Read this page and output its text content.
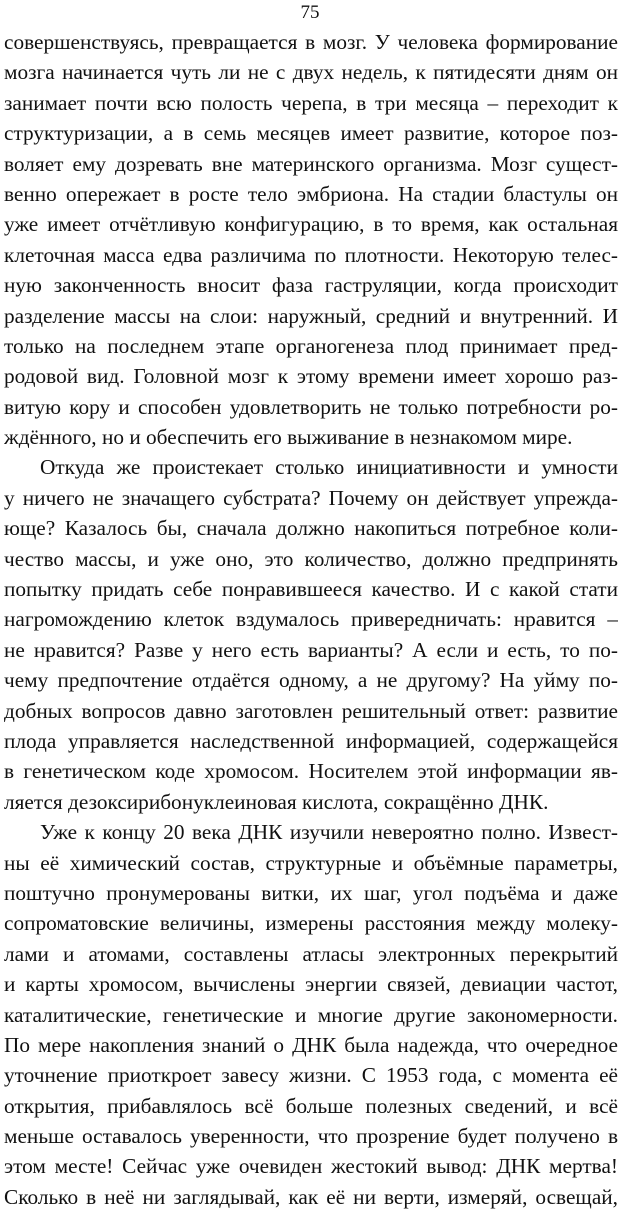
75
совершенствуясь, превращается в мозг. У человека формирование
мозга начинается чуть ли не с двух недель, к пятидесяти дням он
занимает почти всю полость черепа, в три месяца – переходит к
структуризации, а в семь месяцев имеет развитие, которое поз-
воляет ему дозревать вне материнского организма. Мозг сущест-
венно опережает в росте тело эмбриона. На стадии бластулы он
уже имеет отчётливую конфигурацию, в то время, как остальная
клеточная масса едва различима по плотности. Некоторую телес-
ную законченность вносит фаза гаструляции, когда происходит
разделение массы на слои: наружный, средний и внутренний. И
только на последнем этапе органогенеза плод принимает пред-
родовой вид. Головной мозг к этому времени имеет хорошо раз-
витую кору и способен удовлетворить не только потребности ро-
ждённого, но и обеспечить его выживание в незнакомом мире.
Откуда же проистекает столько инициативности и умности
у ничего не значащего субстрата? Почему он действует упрежда-
юще? Казалось бы, сначала должно накопиться потребное коли-
чество массы, и уже оно, это количество, должно предпринять
попытку придать себе понравившееся качество. И с какой стати
нагромождению клеток вздумалось привередничать: нравится –
не нравится? Разве у него есть варианты? А если и есть, то по-
чему предпочтение отдаётся одному, а не другому? На уйму по-
добных вопросов давно заготовлен решительный ответ: развитие
плода управляется наследственной информацией, содержащейся
в генетическом коде хромосом. Носителем этой информации яв-
ляется дезоксирибонуклеиновая кислота, сокращённо ДНК.
Уже к концу 20 века ДНК изучили невероятно полно. Извест-
ны её химический состав, структурные и объёмные параметры,
поштучно пронумерованы витки, их шаг, угол подъёма и даже
сопроматовские величины, измерены расстояния между молеку-
лами и атомами, составлены атласы электронных перекрытий
и карты хромосом, вычислены энергии связей, девиации частот,
каталитические, генетические и многие другие закономерности.
По мере накопления знаний о ДНК была надежда, что очередное
уточнение приоткроет завесу жизни. С 1953 года, с момента её
открытия, прибавлялось всё больше полезных сведений, и всё
меньше оставалось уверенности, что прозрение будет получено в
этом месте! Сейчас уже очевиден жестокий вывод: ДНК мертва!
Сколько в неё ни заглядывай, как её ни верти, измеряй, освещай,
